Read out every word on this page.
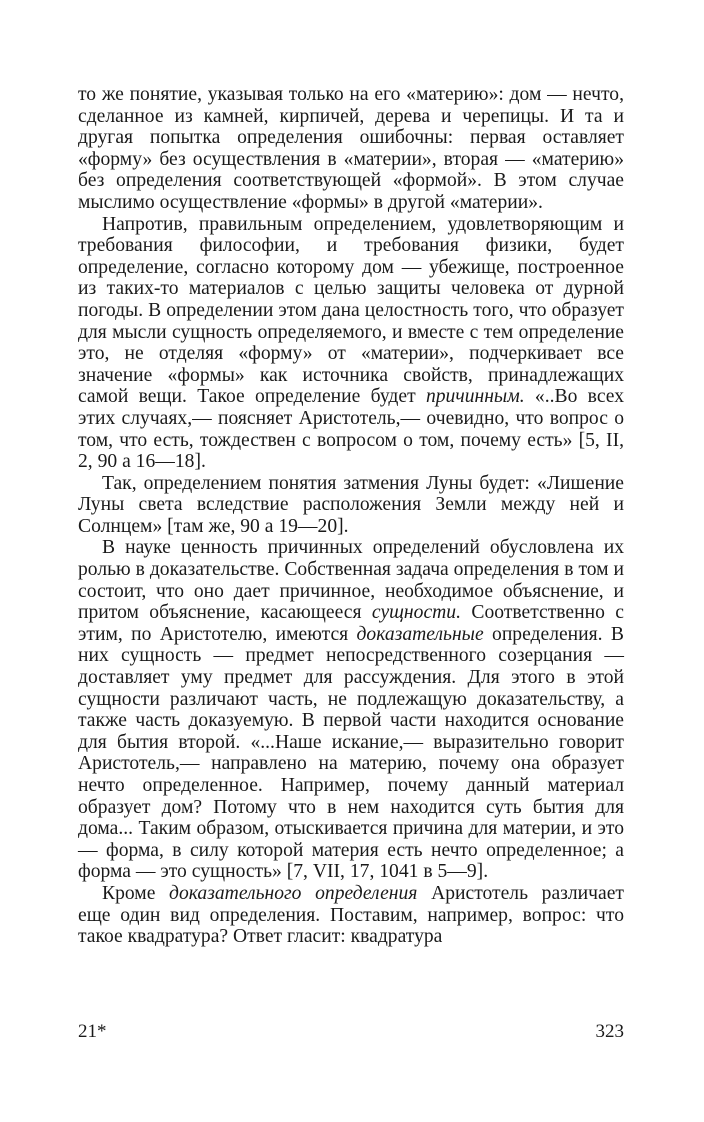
то же понятие, указывая только на его «материю»: дом — нечто, сделанное из камней, кирпичей, дерева и черепицы. И та и другая попытка определения ошибочны: первая оставляет «форму» без осуществления в «материи», вторая — «материю» без определения соответствующей «формой». В этом случае мыслимо осуществление «формы» в другой «материи».

Напротив, правильным определением, удовлетворяющим и требования философии, и требования физики, будет определение, согласно которому дом — убежище, построенное из таких-то материалов с целью защиты человека от дурной погоды. В определении этом дана целостность того, что образует для мысли сущность определяемого, и вместе с тем определение это, не отделяя «форму» от «материи», подчеркивает все значение «формы» как источника свойств, принадлежащих самой вещи. Такое определение будет причинным. «..Во всех этих случаях,— поясняет Аристотель,— очевидно, что вопрос о том, что есть, тождествен с вопросом о том, почему есть» [5, II, 2, 90 а 16—18].

Так, определением понятия затмения Луны будет: «Лишение Луны света вследствие расположения Земли между ней и Солнцем» [там же, 90 а 19—20].

В науке ценность причинных определений обусловлена их ролью в доказательстве. Собственная задача определения в том и состоит, что оно дает причинное, необходимое объяснение, и притом объяснение, касающееся сущности. Соответственно с этим, по Аристотелю, имеются доказательные определения. В них сущность — предмет непосредственного созерцания — доставляет уму предмет для рассуждения. Для этого в этой сущности различают часть, не подлежащую доказательству, а также часть доказуемую. В первой части находится основание для бытия второй. «...Наше искание,— выразительно говорит Аристотель,— направлено на материю, почему она образует нечто определенное. Например, почему данный материал образует дом? Потому что в нем находится суть бытия для дома... Таким образом, отыскивается причина для материи, и это — форма, в силу которой материя есть нечто определенное; а форма — это сущность» [7, VII, 17, 1041 в 5—9].

Кроме доказательного определения Аристотель различает еще один вид определения. Поставим, например, вопрос: что такое квадратура? Ответ гласит: квадратура

21*	323
